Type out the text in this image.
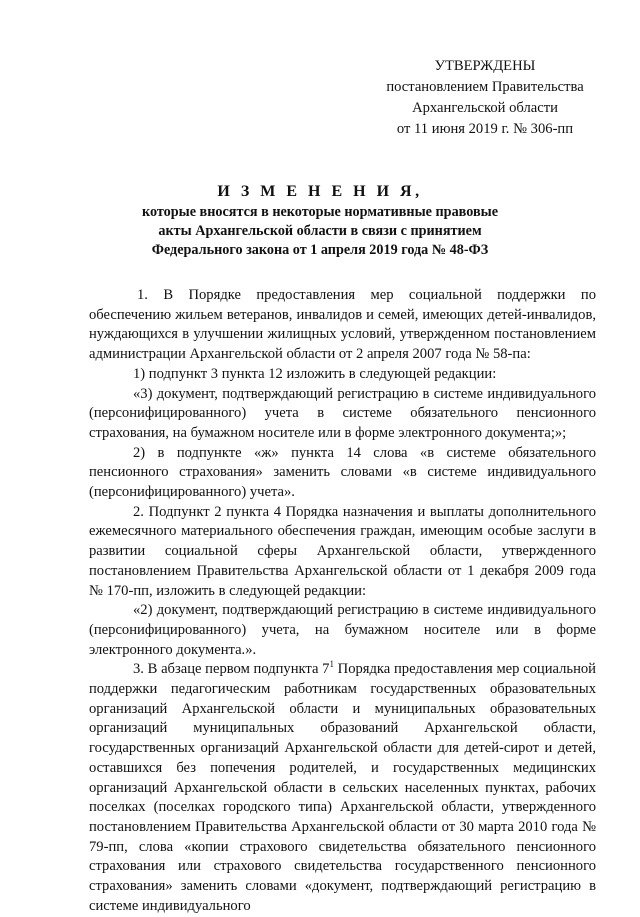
УТВЕРЖДЕНЫ
постановлением Правительства
Архангельской области
от 11 июня 2019 г. № 306-пп
И З М Е Н Е Н И Я,
которые вносятся в некоторые нормативные правовые
акты Архангельской области в связи с принятием
Федерального закона от 1 апреля 2019 года № 48-ФЗ

1. В Порядке предоставления мер социальной поддержки по обеспечению жильем ветеранов, инвалидов и семей, имеющих детей-инвалидов, нуждающихся в улучшении жилищных условий, утвержденном постановлением администрации Архангельской области от 2 апреля 2007 года № 58-па:

1) подпункт 3 пункта 12 изложить в следующей редакции:

«3) документ, подтверждающий регистрацию в системе индивидуального (персонифицированного) учета в системе обязательного пенсионного страхования, на бумажном носителе или в форме электронного документа;»;

2) в подпункте «ж» пункта 14 слова «в системе обязательного пенсионного страхования» заменить словами «в системе индивидуального (персонифицированного) учета».

2. Подпункт 2 пункта 4 Порядка назначения и выплаты дополнительного ежемесячного материального обеспечения граждан, имеющим особые заслуги в развитии социальной сферы Архангельской области, утвержденного постановлением Правительства Архангельской области от 1 декабря 2009 года № 170-пп, изложить в следующей редакции:

«2) документ, подтверждающий регистрацию в системе индивидуального (персонифицированного) учета, на бумажном носителе или в форме электронного документа.».

3. В абзаце первом подпункта $7^1$ Порядка предоставления мер социальной поддержки педагогическим работникам государственных образовательных организаций Архангельской области и муниципальных образовательных организаций муниципальных образований Архангельской области, государственных организаций Архангельской области для детей-сирот и детей, оставшихся без попечения родителей, и государственных медицинских организаций Архангельской области в сельских населенных пунктах, рабочих поселках (поселках городского типа) Архангельской области, утвержденного постановлением Правительства Архангельской области от 30 марта 2010 года № 79-пп, слова «копии страхового свидетельства обязательного пенсионного страхования или страхового свидетельства государственного пенсионного страхования» заменить словами «документ, подтверждающий регистрацию в системе индивидуального
